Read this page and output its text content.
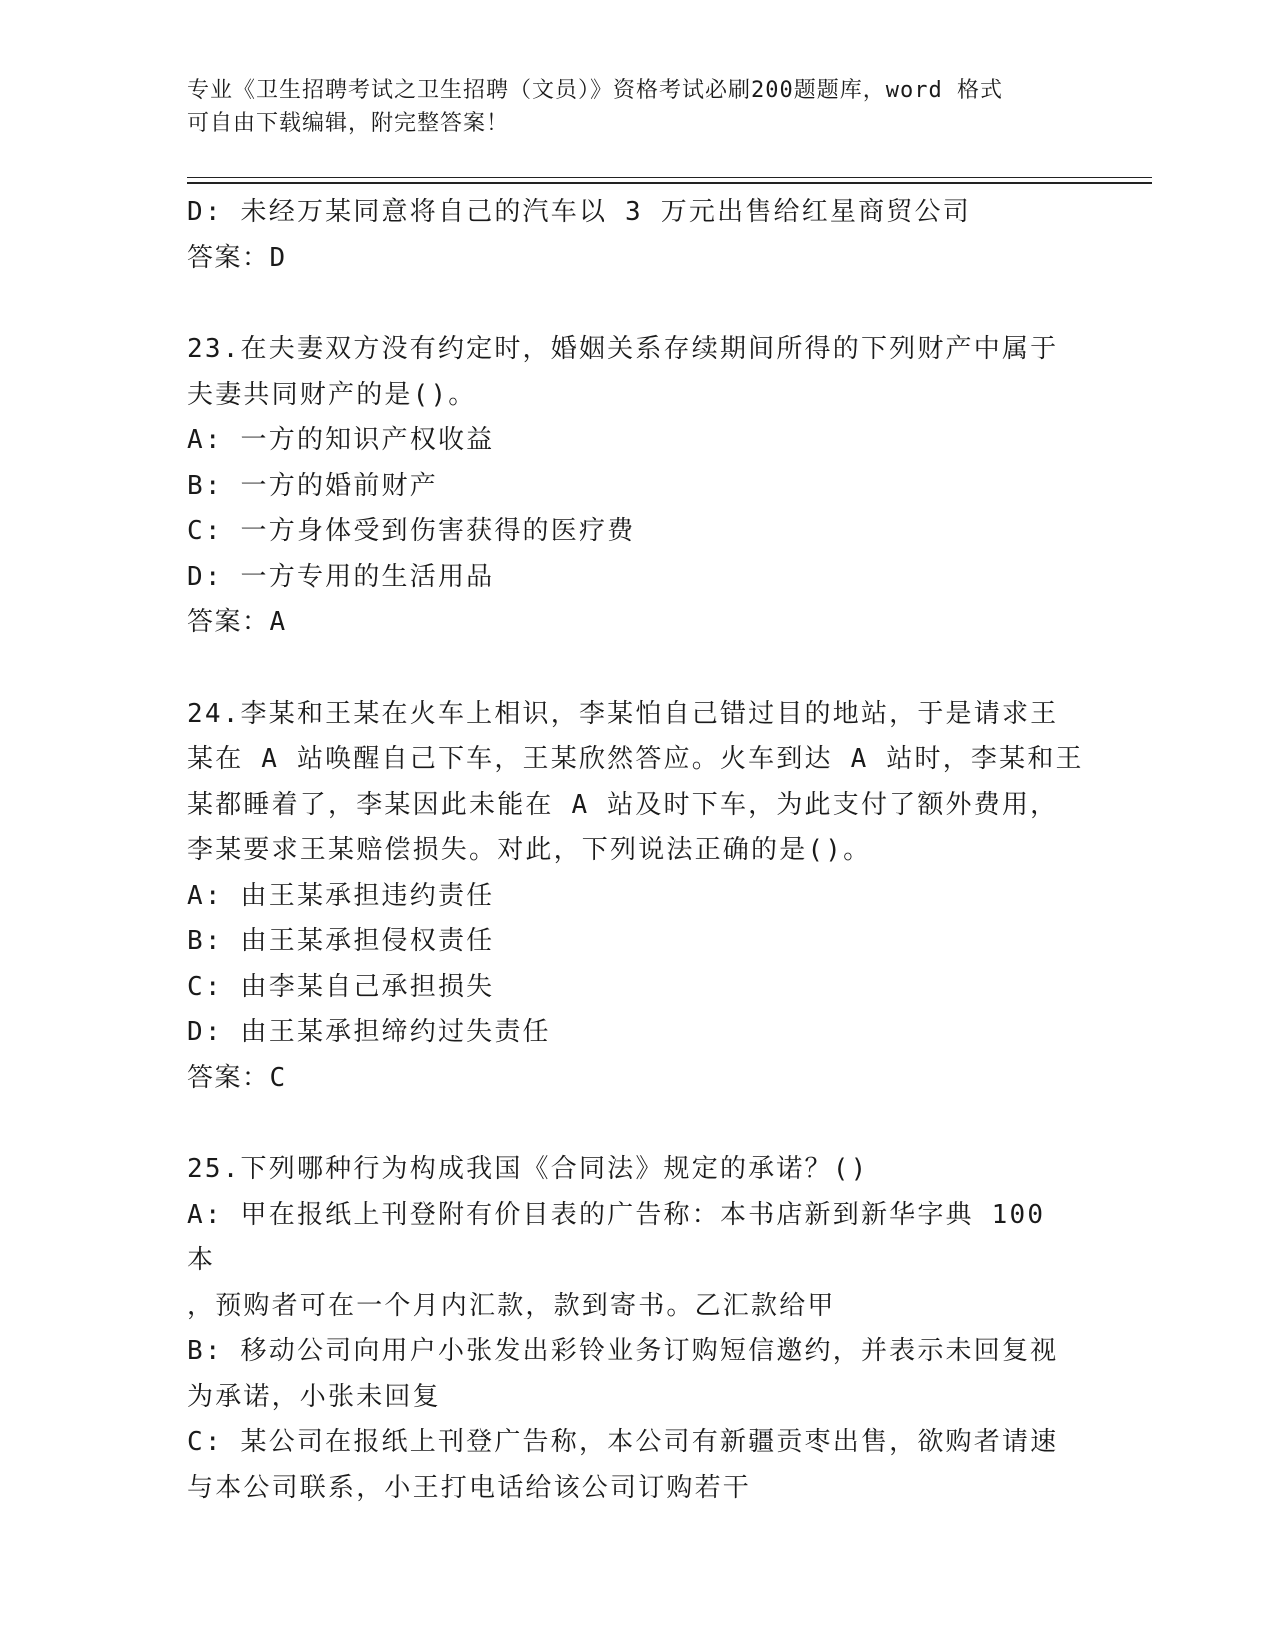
专业《卫生招聘考试之卫生招聘（文员）》资格考试必刷200题题库，word 格式
可自由下载编辑，附完整答案！
D: 未经万某同意将自己的汽车以 3 万元出售给红星商贸公司
答案：D
23.在夫妻双方没有约定时，婚姻关系存续期间所得的下列财产中属于
夫妻共同财产的是()。
A: 一方的知识产权收益
B: 一方的婚前财产
C: 一方身体受到伤害获得的医疗费
D: 一方专用的生活用品
答案：A
24.李某和王某在火车上相识，李某怕自己错过目的地站，于是请求王
某在 A 站唤醒自己下车，王某欣然答应。火车到达 A 站时，李某和王
某都睡着了，李某因此未能在 A 站及时下车，为此支付了额外费用，
李某要求王某赔偿损失。对此，下列说法正确的是()。
A: 由王某承担违约责任
B: 由王某承担侵权责任
C: 由李某自己承担损失
D: 由王某承担缔约过失责任
答案：C
25.下列哪种行为构成我国《合同法》规定的承诺？()
A: 甲在报纸上刊登附有价目表的广告称：本书店新到新华字典 100 本
，预购者可在一个月内汇款，款到寄书。乙汇款给甲
B: 移动公司向用户小张发出彩铃业务订购短信邀约，并表示未回复视
为承诺，小张未回复
C: 某公司在报纸上刊登广告称，本公司有新疆贡枣出售，欲购者请速
与本公司联系，小王打电话给该公司订购若干
